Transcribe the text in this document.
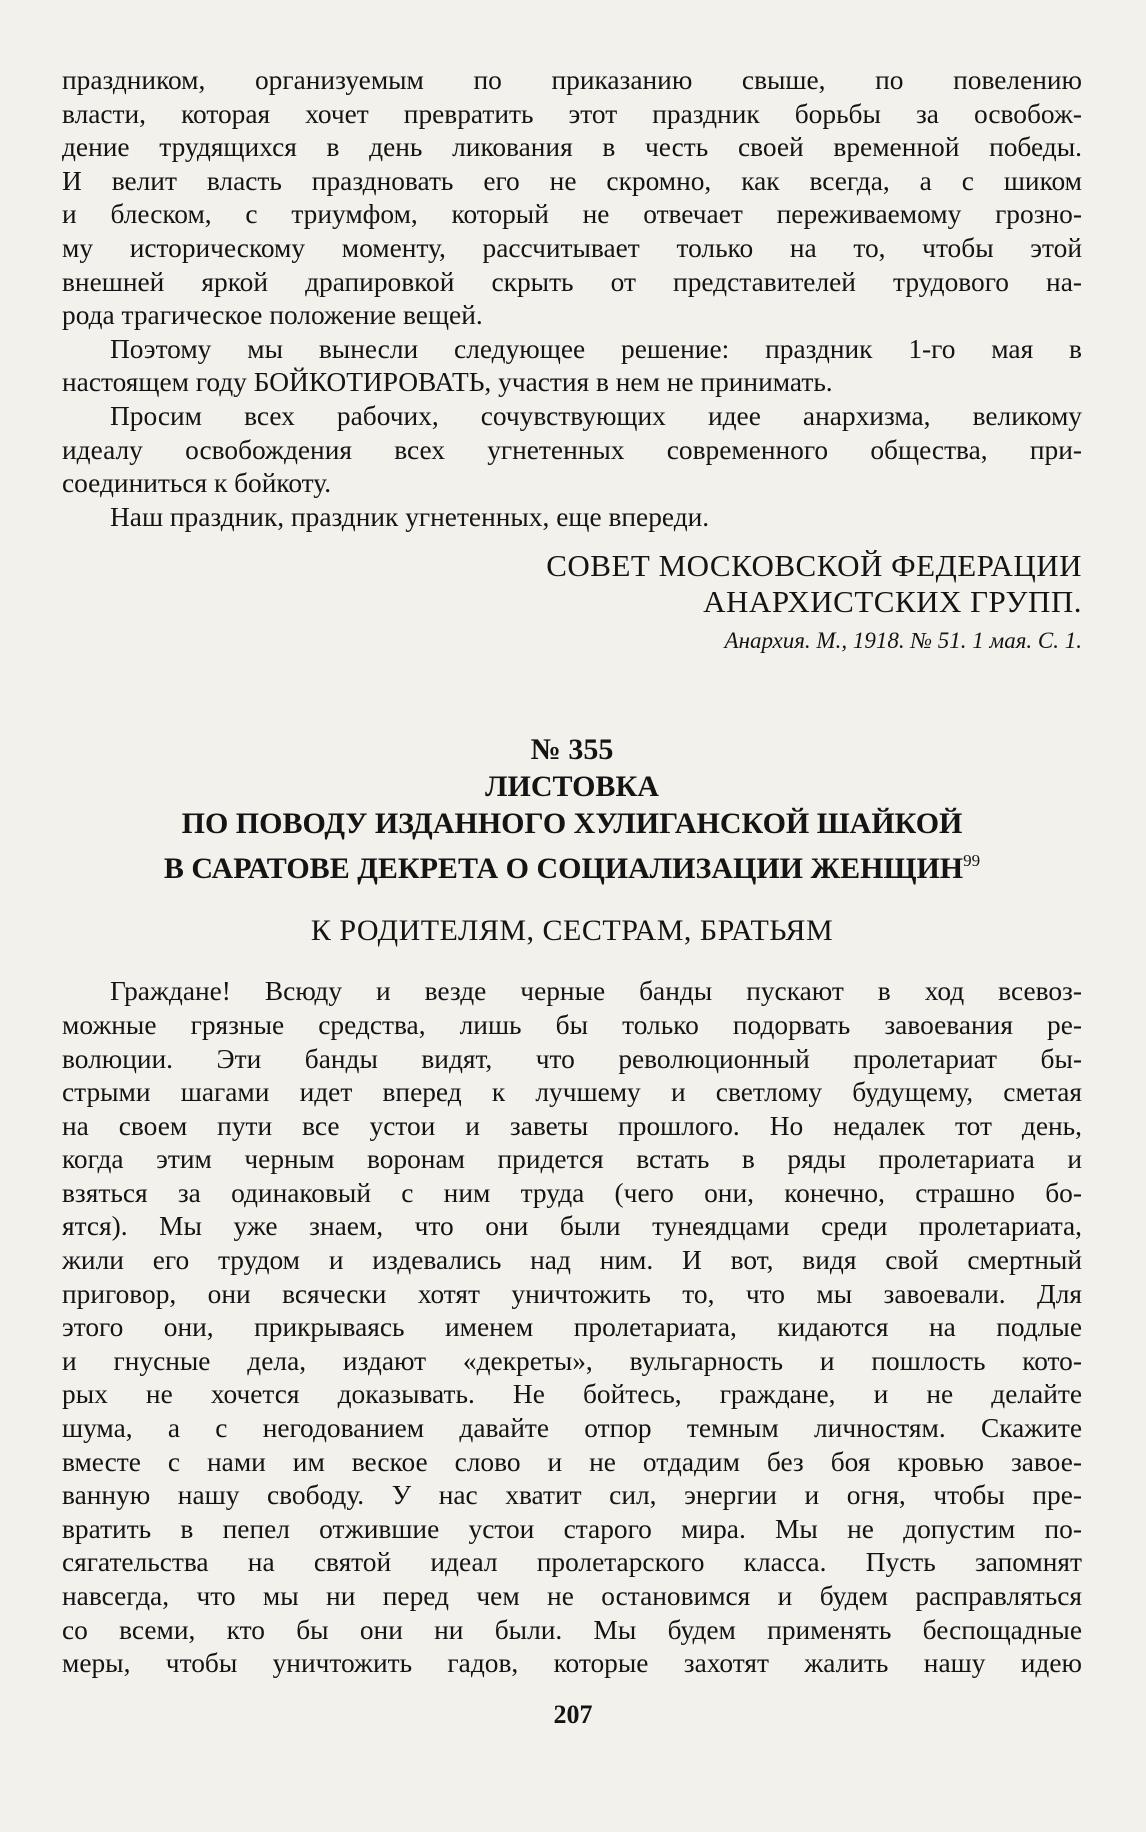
праздником, организуемым по приказанию свыше, по повелению
власти, которая хочет превратить этот праздник борьбы за освобож-
дение трудящихся в день ликования в честь своей временной победы.
И велит власть праздновать его не скромно, как всегда, а с шиком
и блеском, с триумфом, который не отвечает переживаемому грозно-
му историческому моменту, рассчитывает только на то, чтобы этой
внешней яркой драпировкой скрыть от представителей трудового на-
рода трагическое положение вещей.
Поэтому мы вынесли следующее решение: праздник 1-го мая в
настоящем году БОЙКОТИРОВАТЬ, участия в нем не принимать.
Просим всех рабочих, сочувствующих идее анархизма, великому
идеалу освобождения всех угнетенных современного общества, при-
соединиться к бойкоту.
Наш праздник, праздник угнетенных, еще впереди.
СОВЕТ МОСКОВСКОЙ ФЕДЕРАЦИИ
АНАРХИСТСКИХ ГРУПП.
Анархия. М., 1918. № 51. 1 мая. С. 1.
№ 355
ЛИСТОВКА
ПО ПОВОДУ ИЗДАННОГО ХУЛИГАНСКОЙ ШАЙКОЙ
В САРАТОВЕ ДЕКРЕТА О СОЦИАЛИЗАЦИИ ЖЕНЩИН$^{99}$
К РОДИТЕЛЯМ, СЕСТРАМ, БРАТЬЯМ
Граждане! Всюду и везде черные банды пускают в ход всевоз-
можные грязные средства, лишь бы только подорвать завоевания ре-
волюции. Эти банды видят, что революционный пролетариат бы-
стрыми шагами идет вперед к лучшему и светлому будущему, сметая
на своем пути все устои и заветы прошлого. Но недалек тот день,
когда этим черным воронам придется встать в ряды пролетариата и
взяться за одинаковый с ним труда (чего они, конечно, страшно бо-
ятся). Мы уже знаем, что они были тунеядцами среди пролетариата,
жили его трудом и издевались над ним. И вот, видя свой смертный
приговор, они всячески хотят уничтожить то, что мы завоевали. Для
этого они, прикрываясь именем пролетариата, кидаются на подлые
и гнусные дела, издают «декреты», вульгарность и пошлость кото-
рых не хочется доказывать. Не бойтесь, граждане, и не делайте
шума, а с негодованием давайте отпор темным личностям. Скажите
вместе с нами им веское слово и не отдадим без боя кровью завое-
ванную нашу свободу. У нас хватит сил, энергии и огня, чтобы пре-
вратить в пепел отжившие устои старого мира. Мы не допустим по-
сягательства на святой идеал пролетарского класса. Пусть запомнят
навсегда, что мы ни перед чем не остановимся и будем расправляться
со всеми, кто бы они ни были. Мы будем применять беспощадные
меры, чтобы уничтожить гадов, которые захотят жалить нашу идею
207
